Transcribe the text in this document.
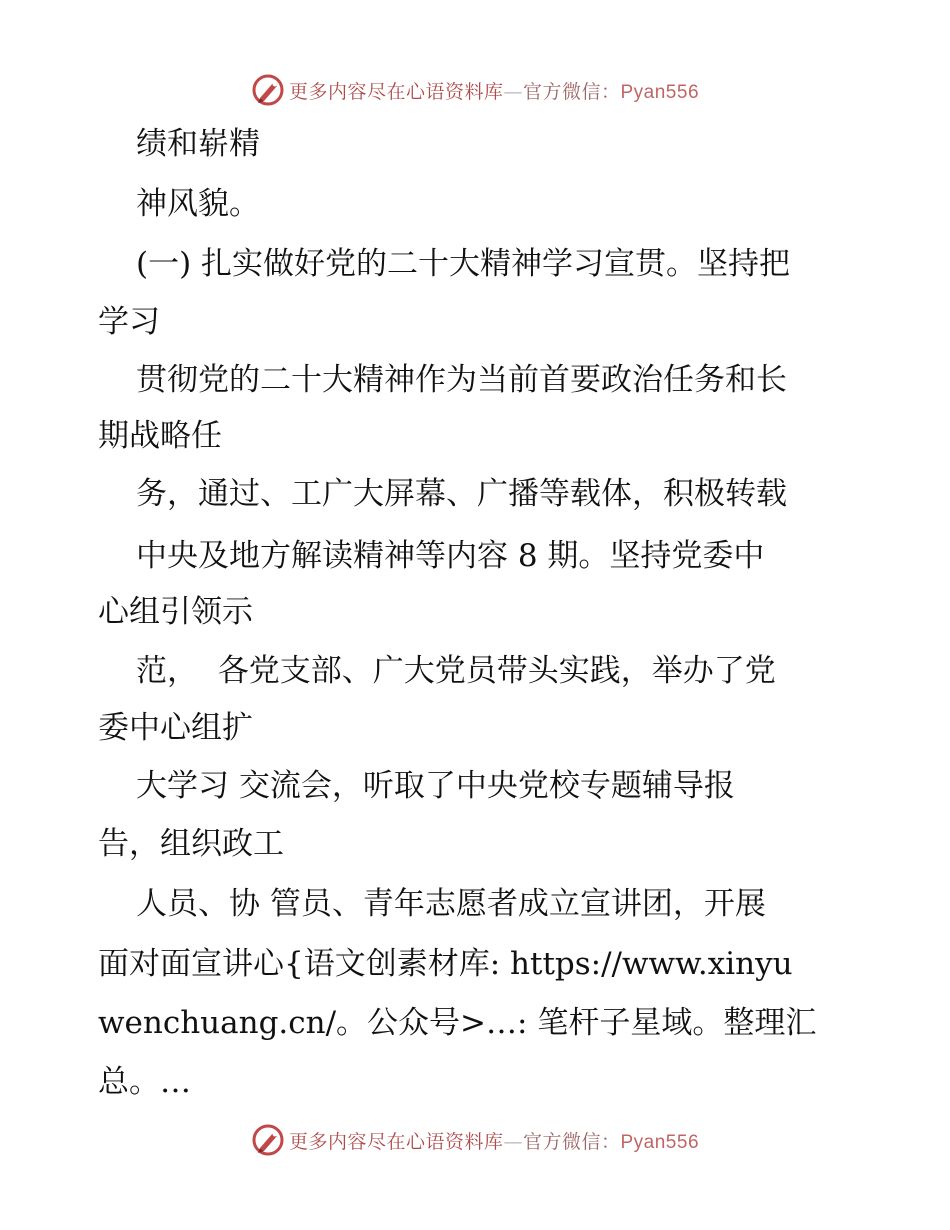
更多内容尽在心语资料库—官方微信：Pyan556
绩和崭精
神风貌。
(一) 扎实做好党的二十大精神学习宣贯。坚持把
学习
贯彻党的二十大精神作为当前首要政治任务和长
期战略任
务，通过、工广大屏幕、广播等载体，积极转载
中央及地方解读精神等内容 8 期。坚持党委中
心组引领示
范，  各党支部、广大党员带头实践，举办了党
委中心组扩
大学习 交流会，听取了中央党校专题辅导报
告，组织政工
人员、协 管员、青年志愿者成立宣讲团，开展
面对面宣讲心{语文创素材库: https://www.xinyu
wenchuang.cn/。公众号>…: 笔杆子星域。整理汇
总。…
更多内容尽在心语资料库—官方微信：Pyan556
